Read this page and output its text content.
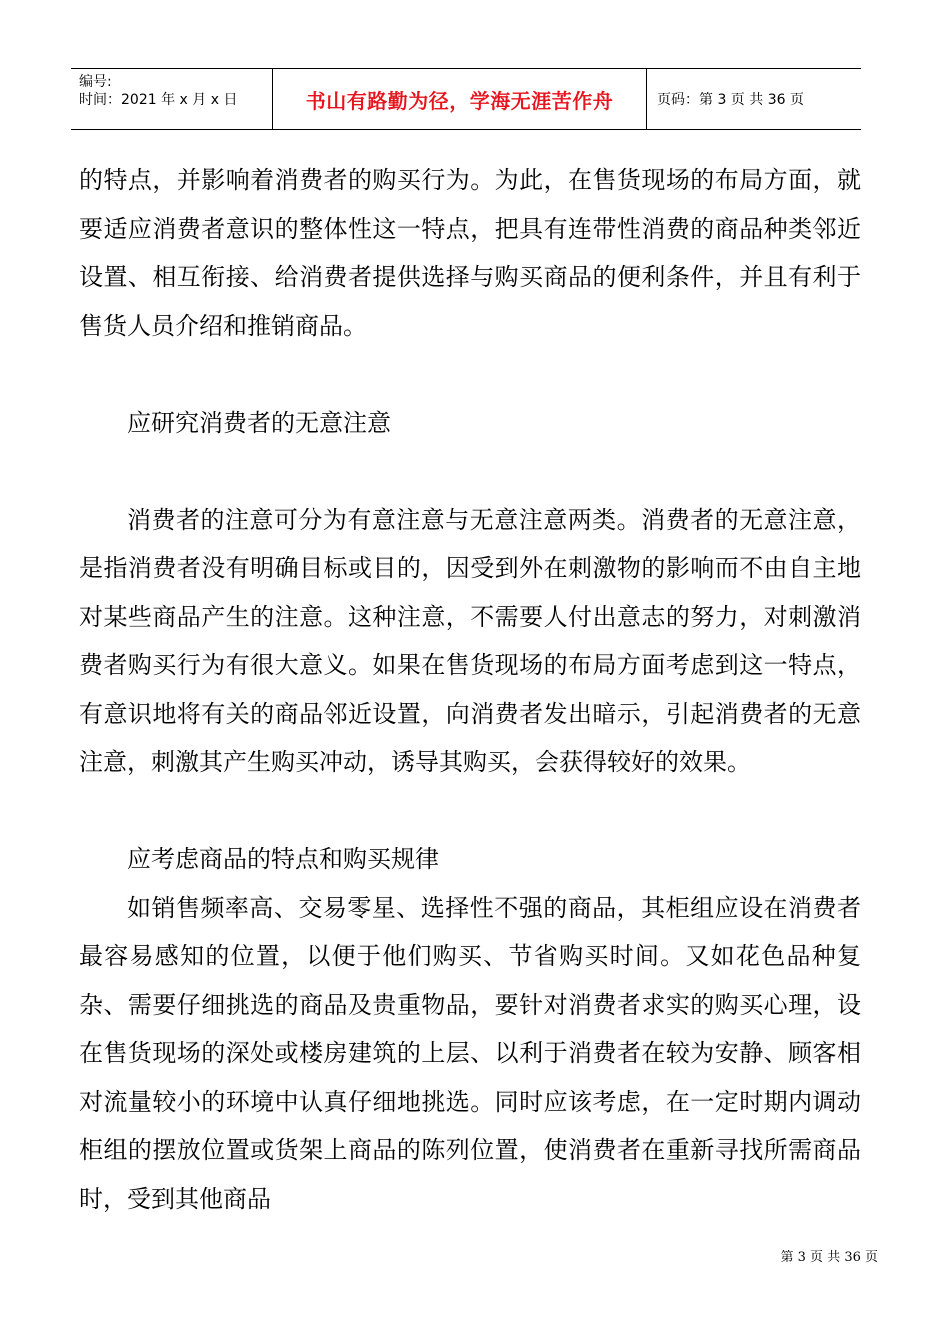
编号:
时间：2021 年 x 月 x 日	书山有路勤为径，学海无涯苦作舟	页码：第 3 页 共 36 页

的特点，并影响着消费者的购买行为。为此，在售货现场的布局方面，就要适应消费者意识的整体性这一特点，把具有连带性消费的商品种类邻近设置、相互衔接、给消费者提供选择与购买商品的便利条件，并且有利于售货人员介绍和推销商品。

应研究消费者的无意注意

消费者的注意可分为有意注意与无意注意两类。消费者的无意注意，是指消费者没有明确目标或目的，因受到外在刺激物的影响而不由自主地对某些商品产生的注意。这种注意，不需要人付出意志的努力，对刺激消费者购买行为有很大意义。如果在售货现场的布局方面考虑到这一特点，有意识地将有关的商品邻近设置，向消费者发出暗示，引起消费者的无意注意，刺激其产生购买冲动，诱导其购买，会获得较好的效果。

应考虑商品的特点和购买规律

如销售频率高、交易零星、选择性不强的商品，其柜组应设在消费者最容易感知的位置，以便于他们购买、节省购买时间。又如花色品种复杂、需要仔细挑选的商品及贵重物品，要针对消费者求实的购买心理，设在售货现场的深处或楼房建筑的上层、以利于消费者在较为安静、顾客相对流量较小的环境中认真仔细地挑选。同时应该考虑，在一定时期内调动柜组的摆放位置或货架上商品的陈列位置，使消费者在重新寻找所需商品时，受到其他商品

第 3 页 共 36 页
